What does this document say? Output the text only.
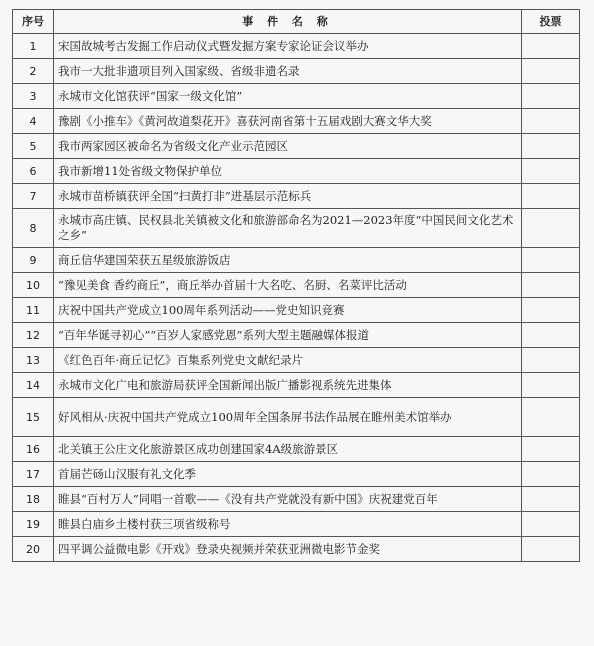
序号	事 件 名 称	投票
1	宋国故城考古发掘工作启动仪式暨发掘方案专家论证会议举办	
2	我市一大批非遗项目列入国家级、省级非遗名录	
3	永城市文化馆获评“国家一级文化馆”	
4	豫剧《小推车》《黄河故道梨花开》喜获河南省第十五届戏剧大赛文华大奖	
5	我市两家园区被命名为省级文化产业示范园区	
6	我市新增11处省级文物保护单位	
7	永城市苗桥镇获评全国“扫黄打非”进基层示范标兵	
8	永城市高庄镇、民权县北关镇被文化和旅游部命名为2021—2023年度“中国民间文化艺术之乡”	
9	商丘信华建国荣获五星级旅游饭店	
10	“豫见美食 香约商丘”，商丘举办首届十大名吃、名厨、名菜评比活动	
11	庆祝中国共产党成立100周年系列活动——党史知识竞赛	
12	“百年华诞寻初心”“百岁人家感党恩”系列大型主题融媒体报道	
13	《红色百年·商丘记忆》百集系列党史文献纪录片	
14	永城市文化广电和旅游局获评全国新闻出版广播影视系统先进集体	
15	好风相从·庆祝中国共产党成立100周年全国条屏书法作品展在睢州美术馆举办	
16	北关镇王公庄文化旅游景区成功创建国家4A级旅游景区	
17	首届芒砀山汉服有礼文化季	
18	睢县“百村万人”同唱一首歌——《没有共产党就没有新中国》庆祝建党百年	
19	睢县白庙乡土楼村获三项省级称号	
20	四平调公益微电影《开戏》登录央视频并荣获亚洲微电影节金奖	
